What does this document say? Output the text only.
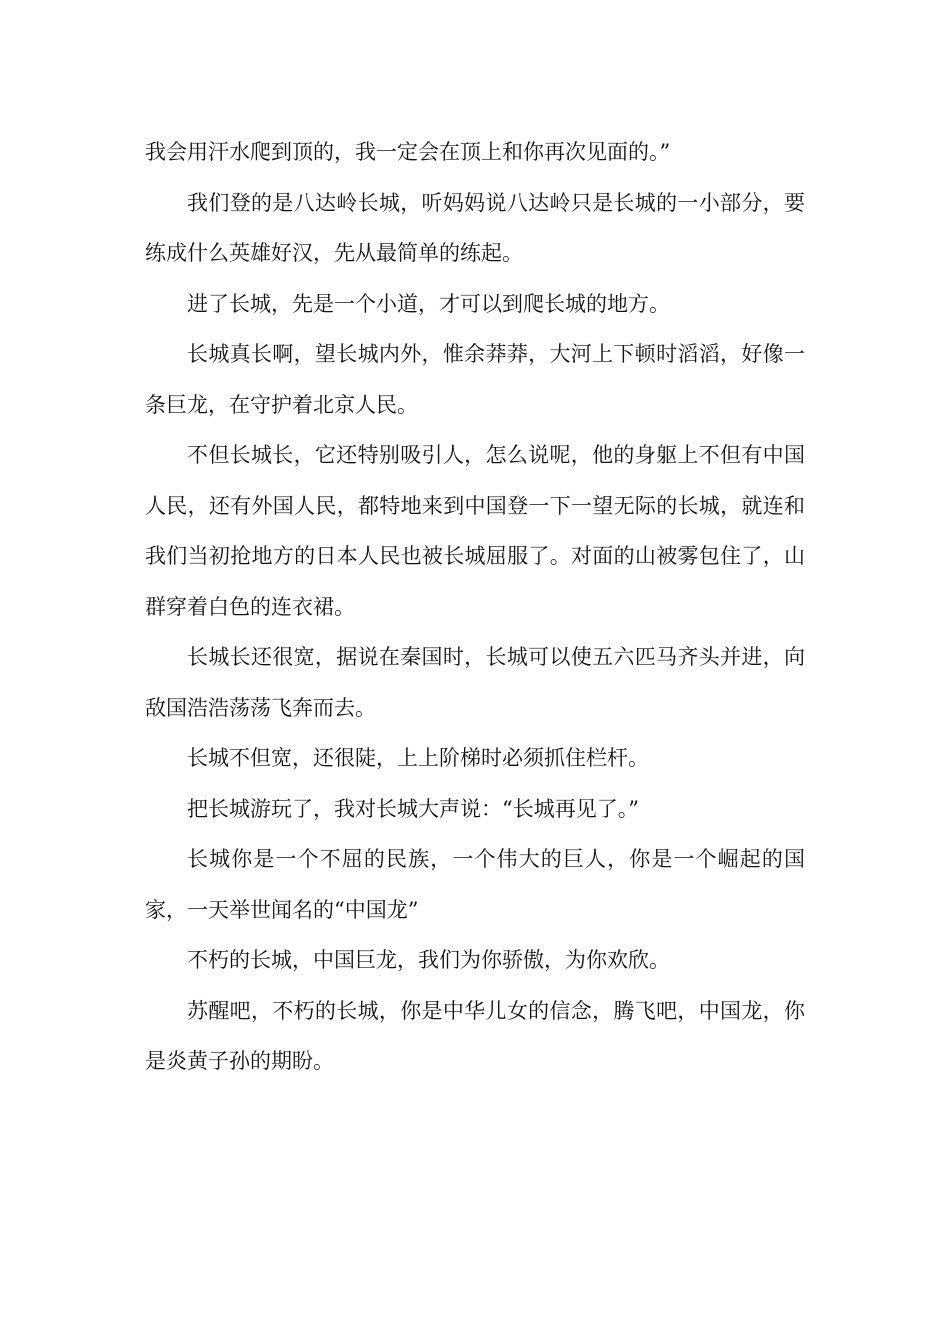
我会用汗水爬到顶的，我一定会在顶上和你再次见面的。”

我们登的是八达岭长城，听妈妈说八达岭只是长城的一小部分，要练成什么英雄好汉，先从最简单的练起。

进了长城，先是一个小道，才可以到爬长城的地方。

长城真长啊，望长城内外，惟余莽莽，大河上下顿时滔滔，好像一条巨龙，在守护着北京人民。

不但长城长，它还特别吸引人，怎么说呢，他的身躯上不但有中国人民，还有外国人民，都特地来到中国登一下一望无际的长城，就连和我们当初抢地方的日本人民也被长城屈服了。对面的山被雾包住了，山群穿着白色的连衣裙。

长城长还很宽，据说在秦国时，长城可以使五六匹马齐头并进，向敌国浩浩荡荡飞奔而去。

长城不但宽，还很陡，上上阶梯时必须抓住栏杆。

把长城游玩了，我对长城大声说：“长城再见了。”

长城你是一个不屈的民族，一个伟大的巨人，你是一个崛起的国家，一天举世闻名的“中国龙”

不朽的长城，中国巨龙，我们为你骄傲，为你欢欣。

苏醒吧，不朽的长城，你是中华儿女的信念，腾飞吧，中国龙，你是炎黄子孙的期盼。
